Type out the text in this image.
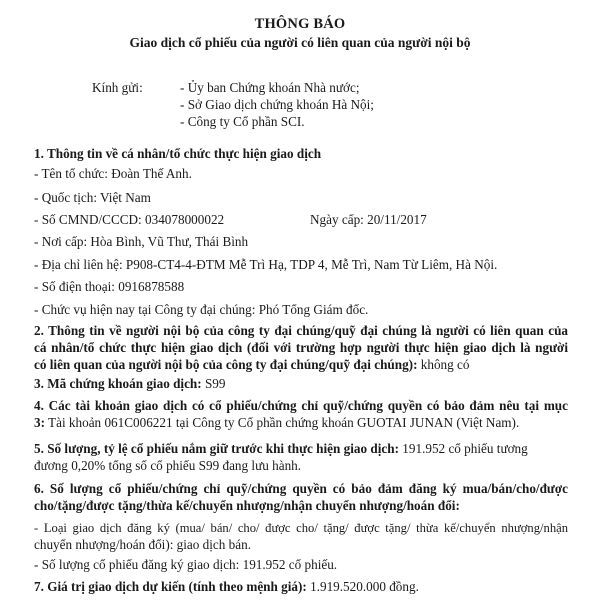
THÔNG BÁO
Giao dịch cổ phiếu của người có liên quan của người nội bộ
Kính gửi:	- Ủy ban Chứng khoán Nhà nước;
- Sở Giao dịch chứng khoán Hà Nội;
- Công ty Cổ phần SCI.
1. Thông tin về cá nhân/tổ chức thực hiện giao dịch
- Tên tổ chức: Đoàn Thế Anh.
- Quốc tịch: Việt Nam
- Số CMND/CCCD: 034078000022	Ngày cấp: 20/11/2017
- Nơi cấp: Hòa Bình, Vũ Thư, Thái Bình
- Địa chỉ liên hệ: P908-CT4-4-ĐTM Mễ Trì Hạ, TDP 4, Mễ Trì, Nam Từ Liêm, Hà Nội.
- Số điện thoại: 0916878588
- Chức vụ hiện nay tại Công ty đại chúng: Phó Tổng Giám đốc.
2. Thông tin về người nội bộ của công ty đại chúng/quỹ đại chúng là người có liên quan của
cá nhân/tổ chức thực hiện giao dịch (đối với trường hợp người thực hiện giao dịch là người
có liên quan của người nội bộ của công ty đại chúng/quỹ đại chúng): không có
3. Mã chứng khoán giao dịch: S99
4. Các tài khoản giao dịch có cổ phiếu/chứng chỉ quỹ/chứng quyền có bảo đảm nêu tại mục
3: Tài khoản 061C006221 tại Công ty Cổ phần chứng khoán GUOTAI JUNAN (Việt Nam).
5. Số lượng, tỷ lệ cổ phiếu nắm giữ trước khi thực hiện giao dịch: 191.952 cổ phiếu tương
đương 0,20% tổng số cổ phiếu S99 đang lưu hành.
6. Số lượng cổ phiếu/chứng chỉ quỹ/chứng quyền có bảo đảm đăng ký mua/bán/cho/được
cho/tặng/được tặng/thừa kế/chuyển nhượng/nhận chuyển nhượng/hoán đổi:
- Loại giao dịch đăng ký (mua/ bán/ cho/ được cho/ tặng/ được tặng/ thừa kế/chuyển nhượng/nhận
chuyển nhượng/hoán đổi): giao dịch bán.
- Số lượng cổ phiếu đăng ký giao dịch: 191.952 cổ phiếu.
7. Giá trị giao dịch dự kiến (tính theo mệnh giá): 1.919.520.000 đồng.
